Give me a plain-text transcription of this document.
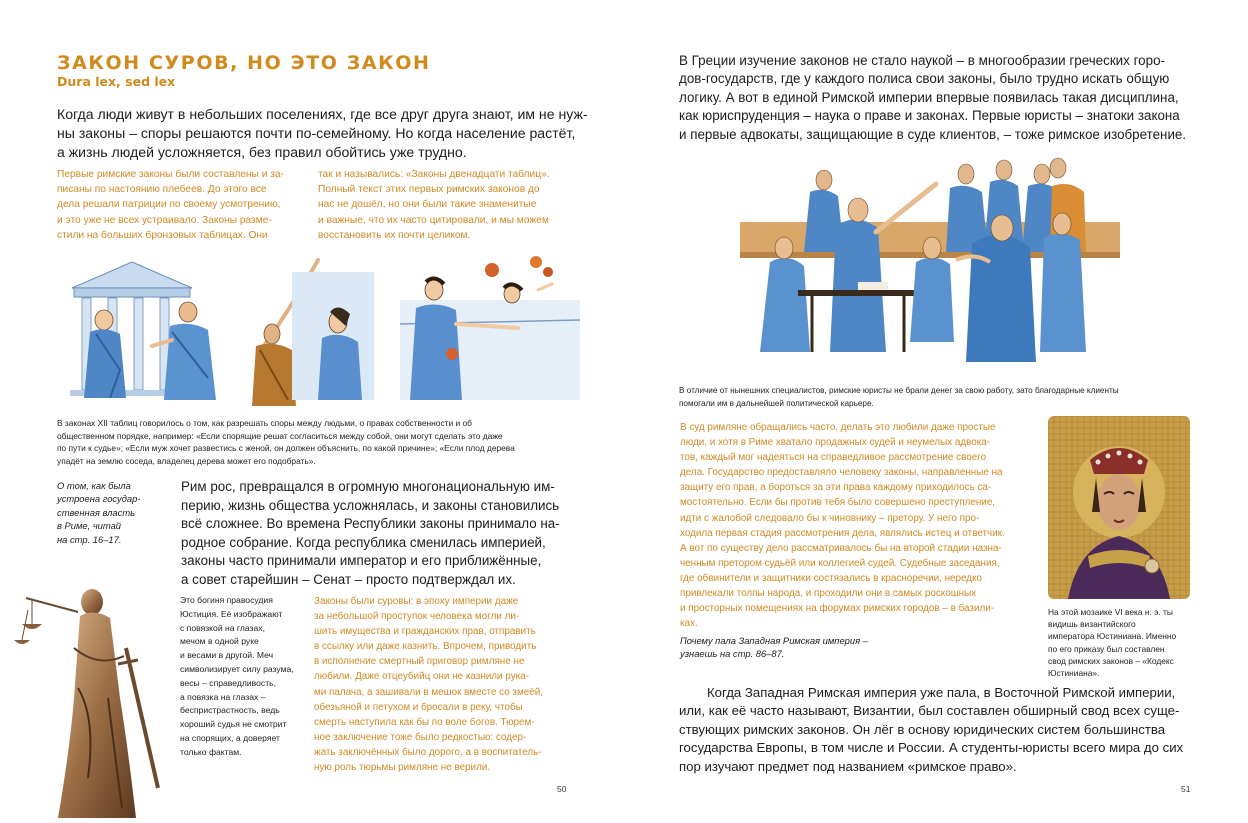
ЗАКОН СУРОВ, НО ЭТО ЗАКОН
Dura lex, sed lex
Когда люди живут в небольших поселениях, где все друг друга знают, им не нуж-
ны законы – споры решаются почти по-семейному. Но когда население растёт,
а жизнь людей усложняется, без правил обойтись уже трудно.
Первые римские законы были составлены и за-
писаны по настоянию плебеев. До этого все
дела решали патриции по своему усмотрению,
и это уже не всех устраивало. Законы разме-
стили на больших бронзовых таблицах. Они
так и назывались: «Законы двенадцати таблиц».
Полный текст этих первых римских законов до
нас не дошёл, но они были такие знаменитые
и важные, что их часто цитировали, и мы можем
восстановить их почти целиком.
В законах XII таблиц говорилось о том, как разрешать споры между людьми, о правах собственности и об
общественном порядке, например: «Если спорящие решат согласиться между собой, они могут сделать это даже
по пути к судье»; «Если муж хочет развестись с женой, он должен объяснить, по какой причине»; «Если плод дерева
упадёт на землю соседа, владелец дерева может его подобрать».
О том, как была
устроена государ-
ственная власть
в Риме, читай
на стр. 16–17.
Рим рос, превращался в огромную многонациональную им-
перию, жизнь общества усложнялась, и законы становились
всё сложнее. Во времена Республики законы принимало на-
родное собрание. Когда республика сменилась империей,
законы часто принимали император и его приближённые,
а совет старейшин – Сенат – просто подтверждал их.
Это богиня правосудия
Юстиция. Её изображают
с повязкой на глазах,
мечом в одной руке
и весами в другой. Меч
символизирует силу разума,
весы – справедливость,
а повязка на глазах –
беспристрастность, ведь
хороший судья не смотрит
на спорящих, а доверяет
только фактам.
Законы были суровы: в эпоху империи даже
за небольшой проступок человека могли ли-
шить имущества и гражданских прав, отправить
в ссылку или даже казнить. Впрочем, приводить
в исполнение смертный приговор римляне не
любили. Даже отцеубийц они не казнили рука-
ми палача, а зашивали в мешок вместе со змеёй,
обезьяной и петухом и бросали в реку, чтобы
смерть наступила как бы по воле богов. Тюрем-
ное заключение тоже было редкостью: содер-
жать заключённых было дорого, а в воспитатель-
ную роль тюрьмы римляне не верили.
50
В Греции изучение законов не стало наукой – в многообразии греческих горо-
дов-государств, где у каждого полиса свои законы, было трудно искать общую
логику. А вот в единой Римской империи впервые появилась такая дисциплина,
как юриспруденция – наука о праве и законах. Первые юристы – знатоки закона
и первые адвокаты, защищающие в суде клиентов, – тоже римское изобретение.
В отличие от нынешних специалистов, римские юристы не брали денег за свою работу, зато благодарные клиенты
помогали им в дальнейшей политической карьере.
В суд римляне обращались часто, делать это любили даже простые
люди, и хотя в Риме хватало продажных судей и неумелых адвока-
тов, каждый мог надеяться на справедливое рассмотрение своего
дела. Государство предоставляло человеку законы, направленные на
защиту его прав, а бороться за эти права каждому приходилось са-
мостоятельно. Если бы против тебя было совершено преступление,
идти с жалобой следовало бы к чиновнику – претору. У него про-
ходила первая стадия рассмотрения дела, являлись истец и ответчик.
А вот по существу дело рассматривалось бы на второй стадии назна-
ченным претором судьёй или коллегией судей. Судебные заседания,
где обвинители и защитники состязались в красноречии, нередко
привлекали толпы народа, и проходили они в самых роскошных
и просторных помещениях на форумах римских городов – в базили-
ках.
На этой мозаике VI века н. э. ты
видишь византийского
императора Юстиниана. Именно
по его приказу был составлен
свод римских законов – «Кодекс
Юстиниана».
Почему пала Западная Римская империя –
узнаешь на стр. 86–87.
Когда Западная Римская империя уже пала, в Восточной Римской империи,
или, как её часто называют, Византии, был составлен обширный свод всех суще-
ствующих римских законов. Он лёг в основу юридических систем большинства
государства Европы, в том числе и России. А студенты-юристы всего мира до сих
пор изучают предмет под названием «римское право».
51
